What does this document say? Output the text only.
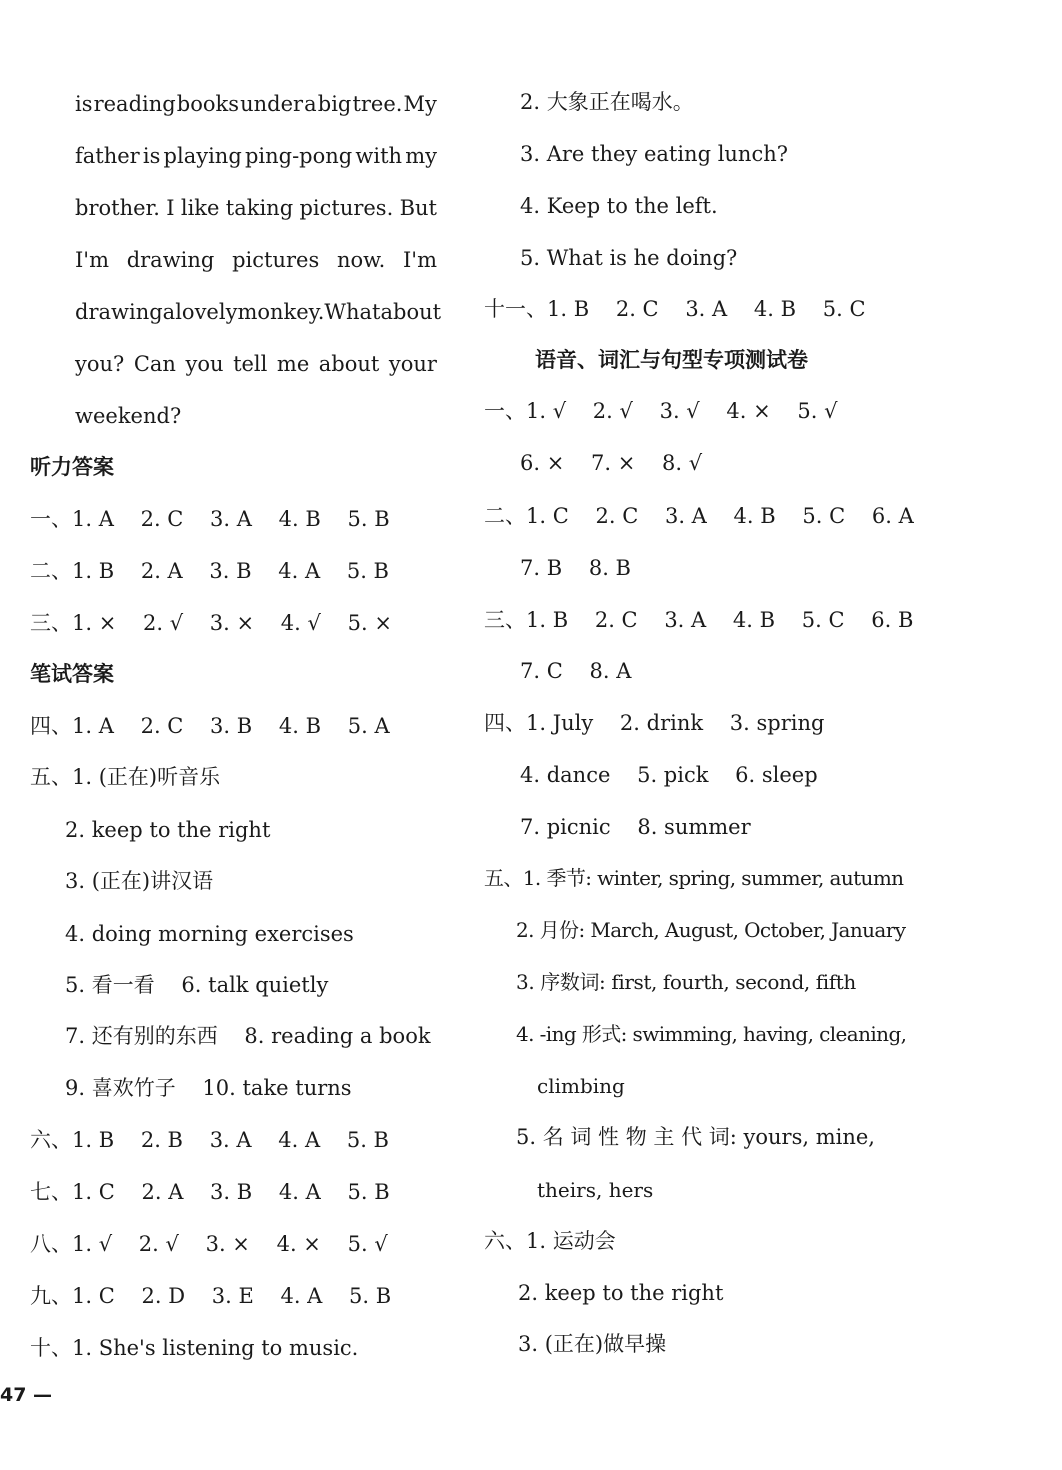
is reading books under a big tree. My
father is playing ping-pong with my
brother. I like taking pictures. But
I'm drawing pictures now. I'm
drawing a lovely monkey. What about
you? Can you tell me about your
weekend?
听力答案
一、1. A    2. C    3. A    4. B    5. B
二、1. B    2. A    3. B    4. A    5. B
三、1. ×    2. √    3. ×    4. √    5. ×
笔试答案
四、1. A    2. C    3. B    4. B    5. A
五、1. (正在)听音乐
2. keep to the right
3. (正在)讲汉语
4. doing morning exercises
5. 看一看    6. talk quietly
7. 还有别的东西    8. reading a book
9. 喜欢竹子    10. take turns
六、1. B    2. B    3. A    4. A    5. B
七、1. C    2. A    3. B    4. A    5. B
八、1. √    2. √    3. ×    4. ×    5. √
九、1. C    2. D    3. E    4. A    5. B
十、1. She's listening to music.
2. 大象正在喝水。
3. Are they eating lunch?
4. Keep to the left.
5. What is he doing?
十一、1. B    2. C    3. A    4. B    5. C
语音、词汇与句型专项测试卷
一、1. √    2. √    3. √    4. ×    5. √
6. ×    7. ×    8. √
二、1. C    2. C    3. A    4. B    5. C    6. A
7. B    8. B
三、1. B    2. C    3. A    4. B    5. C    6. B
7. C    8. A
四、1. July    2. drink    3. spring
4. dance    5. pick    6. sleep
7. picnic    8. summer
五、1. 季节: winter, spring, summer, autumn
2. 月份: March, August, October, January
3. 序数词: first, fourth, second, fifth
4. -ing 形式: swimming, having, cleaning,
climbing
5. 名 词 性 物 主 代 词: yours, mine,
theirs, hers
六、1. 运动会
2. keep to the right
3. (正在)做早操
47 —
